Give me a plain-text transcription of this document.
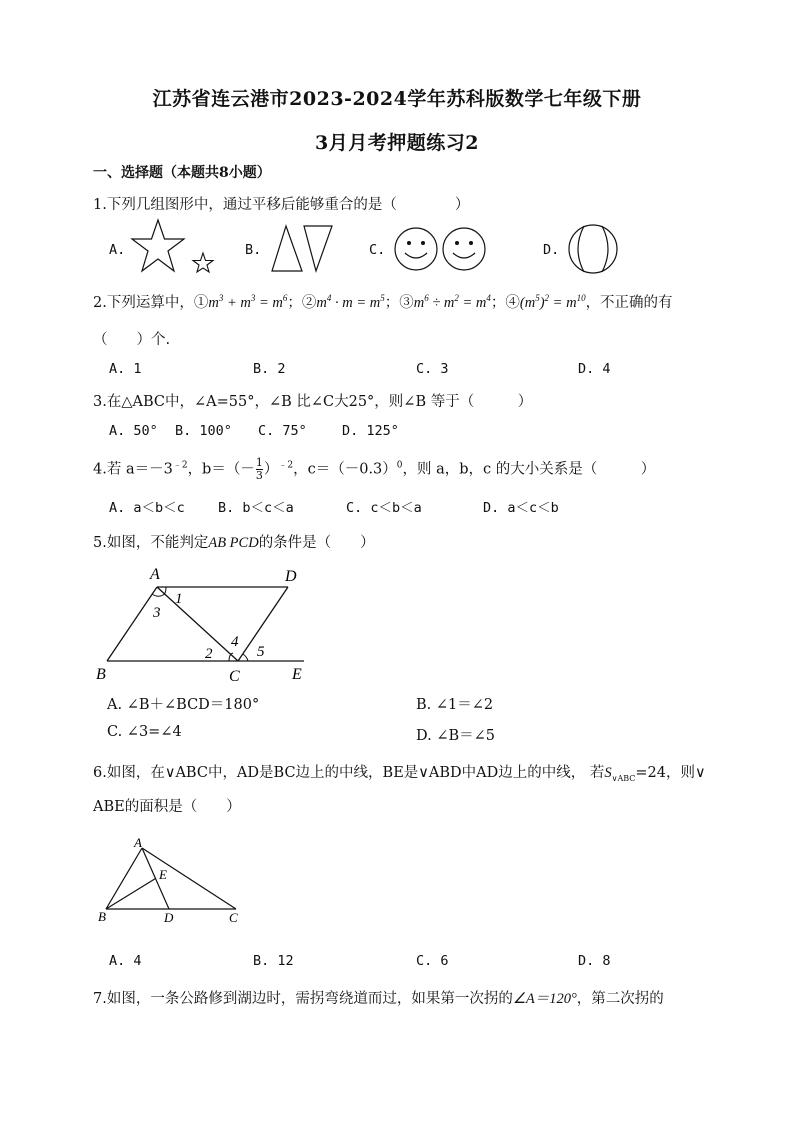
江苏省连云港市2023-2024学年苏科版数学七年级下册
3月月考押题练习2
一、选择题（本题共8小题）
1.下列几组图形中，通过平移后能够重合的是（　　　　）
A.	B.	C.	D.
2.下列运算中，$①m^3 + m^3 = m^6$；$②m^4 \cdot m = m^5$；$③m^6 \div m^2 = m^4$；$④(m^5)^2 = m^{10}$，不正确的有
（　　）个.
A. 1	B. 2	C. 3	D. 4
3.在△ABC中，∠A=55°，∠B 比∠C大25°，则∠B 等于（　　　）
A. 50° B. 100° C. 75°	D. 125°
4.若 $a=-3^{﹣2}$，$b=(- \frac{1}{3} )^{﹣2}$，$c=(-0.3)^0$，则 a，b，c 的大小关系是（　　　）
A. a＜b＜c B. b＜c＜a	C. c＜b＜a	D. a＜c＜b
5.如图，不能判定AB PCD的条件是（　　）
A	D
1
3
4
2	5
B	C	E
A. ∠B＋∠BCD＝180°	B. ∠1＝∠2
C. ∠3=∠4	D. ∠B＝∠5
6.如图，在∨ABC中，AD是BC边上的中线，BE是∨ABD中AD边上的中线， 若$S_{\vee ABC}=24$，则∨
ABE的面积是（　　）
A
E
B	D	C
A. 4	B. 12	C. 6	D. 8
7.如图，一条公路修到湖边时，需拐弯绕道而过，如果第一次拐的∠A＝120°，第二次拐的
